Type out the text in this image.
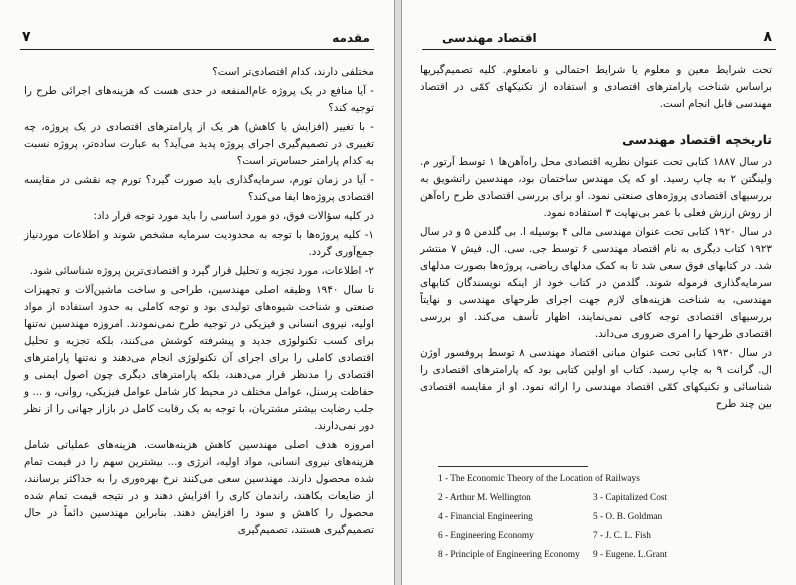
۷	مقدمه

مختلفی دارند، کدام اقتصادی‌تر است؟

- آیا منافع در یک پروژه عام‌المنفعه در حدی هست که هزینه‌های اجرائی طرح را توجیه کند؟

- با تغییر (افزایش یا کاهش) هر یک از پارامترهای اقتصادی در یک پروژه، چه تغییری در تصمیم‌گیری اجرای پروژه پدید می‌آید؟ به عبارت ساده‌تر، پروژه نسبت به کدام پارامتر حساس‌تر است؟

- آیا در زمان تورم، سرمایه‌گذاری باید صورت گیرد؟ تورم چه نقشی در مقایسه اقتصادی پروژه‌ها ایفا می‌کند؟

در کلیه سؤالات فوق، دو مورد اساسی را باید مورد توجه قرار داد:

۱- کلیه پروژه‌ها با توجه به محدودیت سرمایه مشخص شوند و اطلاعات موردنیاز جمع‌آوری گردد.

۲- اطلاعات، مورد تجزیه و تحلیل قرار گیرد و اقتصادی‌ترین پروژه شناسائی شود.

تا سال ۱۹۴۰ وظیفه اصلی مهندسین، طراحی و ساخت ماشین‌آلات و تجهیزات صنعتی و شناخت شیوه‌های تولیدی بود و توجه کاملی به حدود استفاده از مواد اولیه، نیروی انسانی و فیزیکی در توجیه طرح نمی‌نمودند. امروزه مهندسین نه‌تنها برای کسب تکنولوژی جدید و پیشرفته کوشش می‌کنند، بلکه تجزیه و تحلیل اقتصادی کاملی را برای اجرای آن تکنولوژی انجام می‌دهند و نه‌تنها پارامترهای اقتصادی را مدنظر قرار می‌دهند، بلکه پارامترهای دیگری چون اصول ایمنی و حفاظت پرسنل، عوامل مختلف در محیط کار شامل عوامل فیزیکی، روانی، و ... و جلب رضایت بیشتر مشتریان، با توجه به یک رقابت کامل در بازار جهانی را از نظر دور نمی‌دارند.

امروزه هدف اصلی مهندسین کاهش هزینه‌هاست. هزینه‌های عملیاتی شامل هزینه‌های نیروی انسانی، مواد اولیه، انرژی و... بیشترین سهم را در قیمت تمام شده محصول دارند. مهندسین سعی می‌کنند نرخ بهره‌وری را به حداکثر برسانند، از ضایعات بکاهند، راندمان کاری را افزایش دهند و در نتیجه قیمت تمام شده محصول را کاهش و سود را افزایش دهند. بنابراین مهندسین دائماً در حال تصمیم‌گیری هستند، تصمیم‌گیری

اقتصاد مهندسی	۸

تحت شرایط معین و معلوم یا شرایط احتمالی و نامعلوم. کلیه تصمیم‌گیریها براساس شناخت پارامترهای اقتصادی و استفاده از تکنیکهای کمّی در اقتصاد مهندسی قابل انجام است.

تاریخچه اقتصاد مهندسی

در سال ۱۸۸۷ کتابی تحت عنوان نظریه اقتصادی محل راه‌آهن‌ها ۱ توسط آرتور م. ولینگتن ۲ به چاپ رسید. او که یک مهندس ساختمان بود، مهندسین راتشویق به بررسیهای اقتصادی پروژه‌های صنعتی نمود. او برای بررسی اقتصادی طرح راه‌آهن از روش ارزش فعلی با عمر بی‌نهایت ۳ استفاده نمود.

در سال ۱۹۲۰ کتابی تحت عنوان مهندسی مالی ۴ بوسیله ا. بی گلدمن ۵ و در سال ۱۹۲۳ کتاب دیگری به نام اقتصاد مهندسی ۶ توسط جی. سی. ال. فیش ۷ منتشر شد. در کتابهای فوق سعی شد تا به کمک مدلهای ریاضی، پروژه‌ها بصورت مدلهای سرمایه‌گذاری فرموله شوند. گلدمن در کتاب خود از اینکه نویسندگان کتابهای مهندسی، به شناخت هزینه‌های لازم جهت اجرای طرحهای مهندسی و نهایتاً بررسیهای اقتصادی توجه کافی نمی‌نمایند، اظهار تأسف می‌کند. او بررسی اقتصادی طرحها را امری ضروری می‌داند.

در سال ۱۹۳۰ کتابی تحت عنوان مبانی اقتصاد مهندسی ۸ توسط پروفسور اوژن ال. گرانت ۹ به چاپ رسید. کتاب او اولین کتابی بود که پارامترهای اقتصادی را شناسائی و تکنیکهای کمّی اقتصاد مهندسی را ارائه نمود. او از مقایسه اقتصادی بین چند طرح

1 - The Economic Theory of the Location of Railways
2 - Arthur M. Wellington	3 - Capitalized Cost
4 - Financial Engineering	5 - O. B. Goldman
6 - Engineering Economy	7 - J. C. L. Fish
8 - Principle of Engineering Economy	9 - Eugene. L.Grant
